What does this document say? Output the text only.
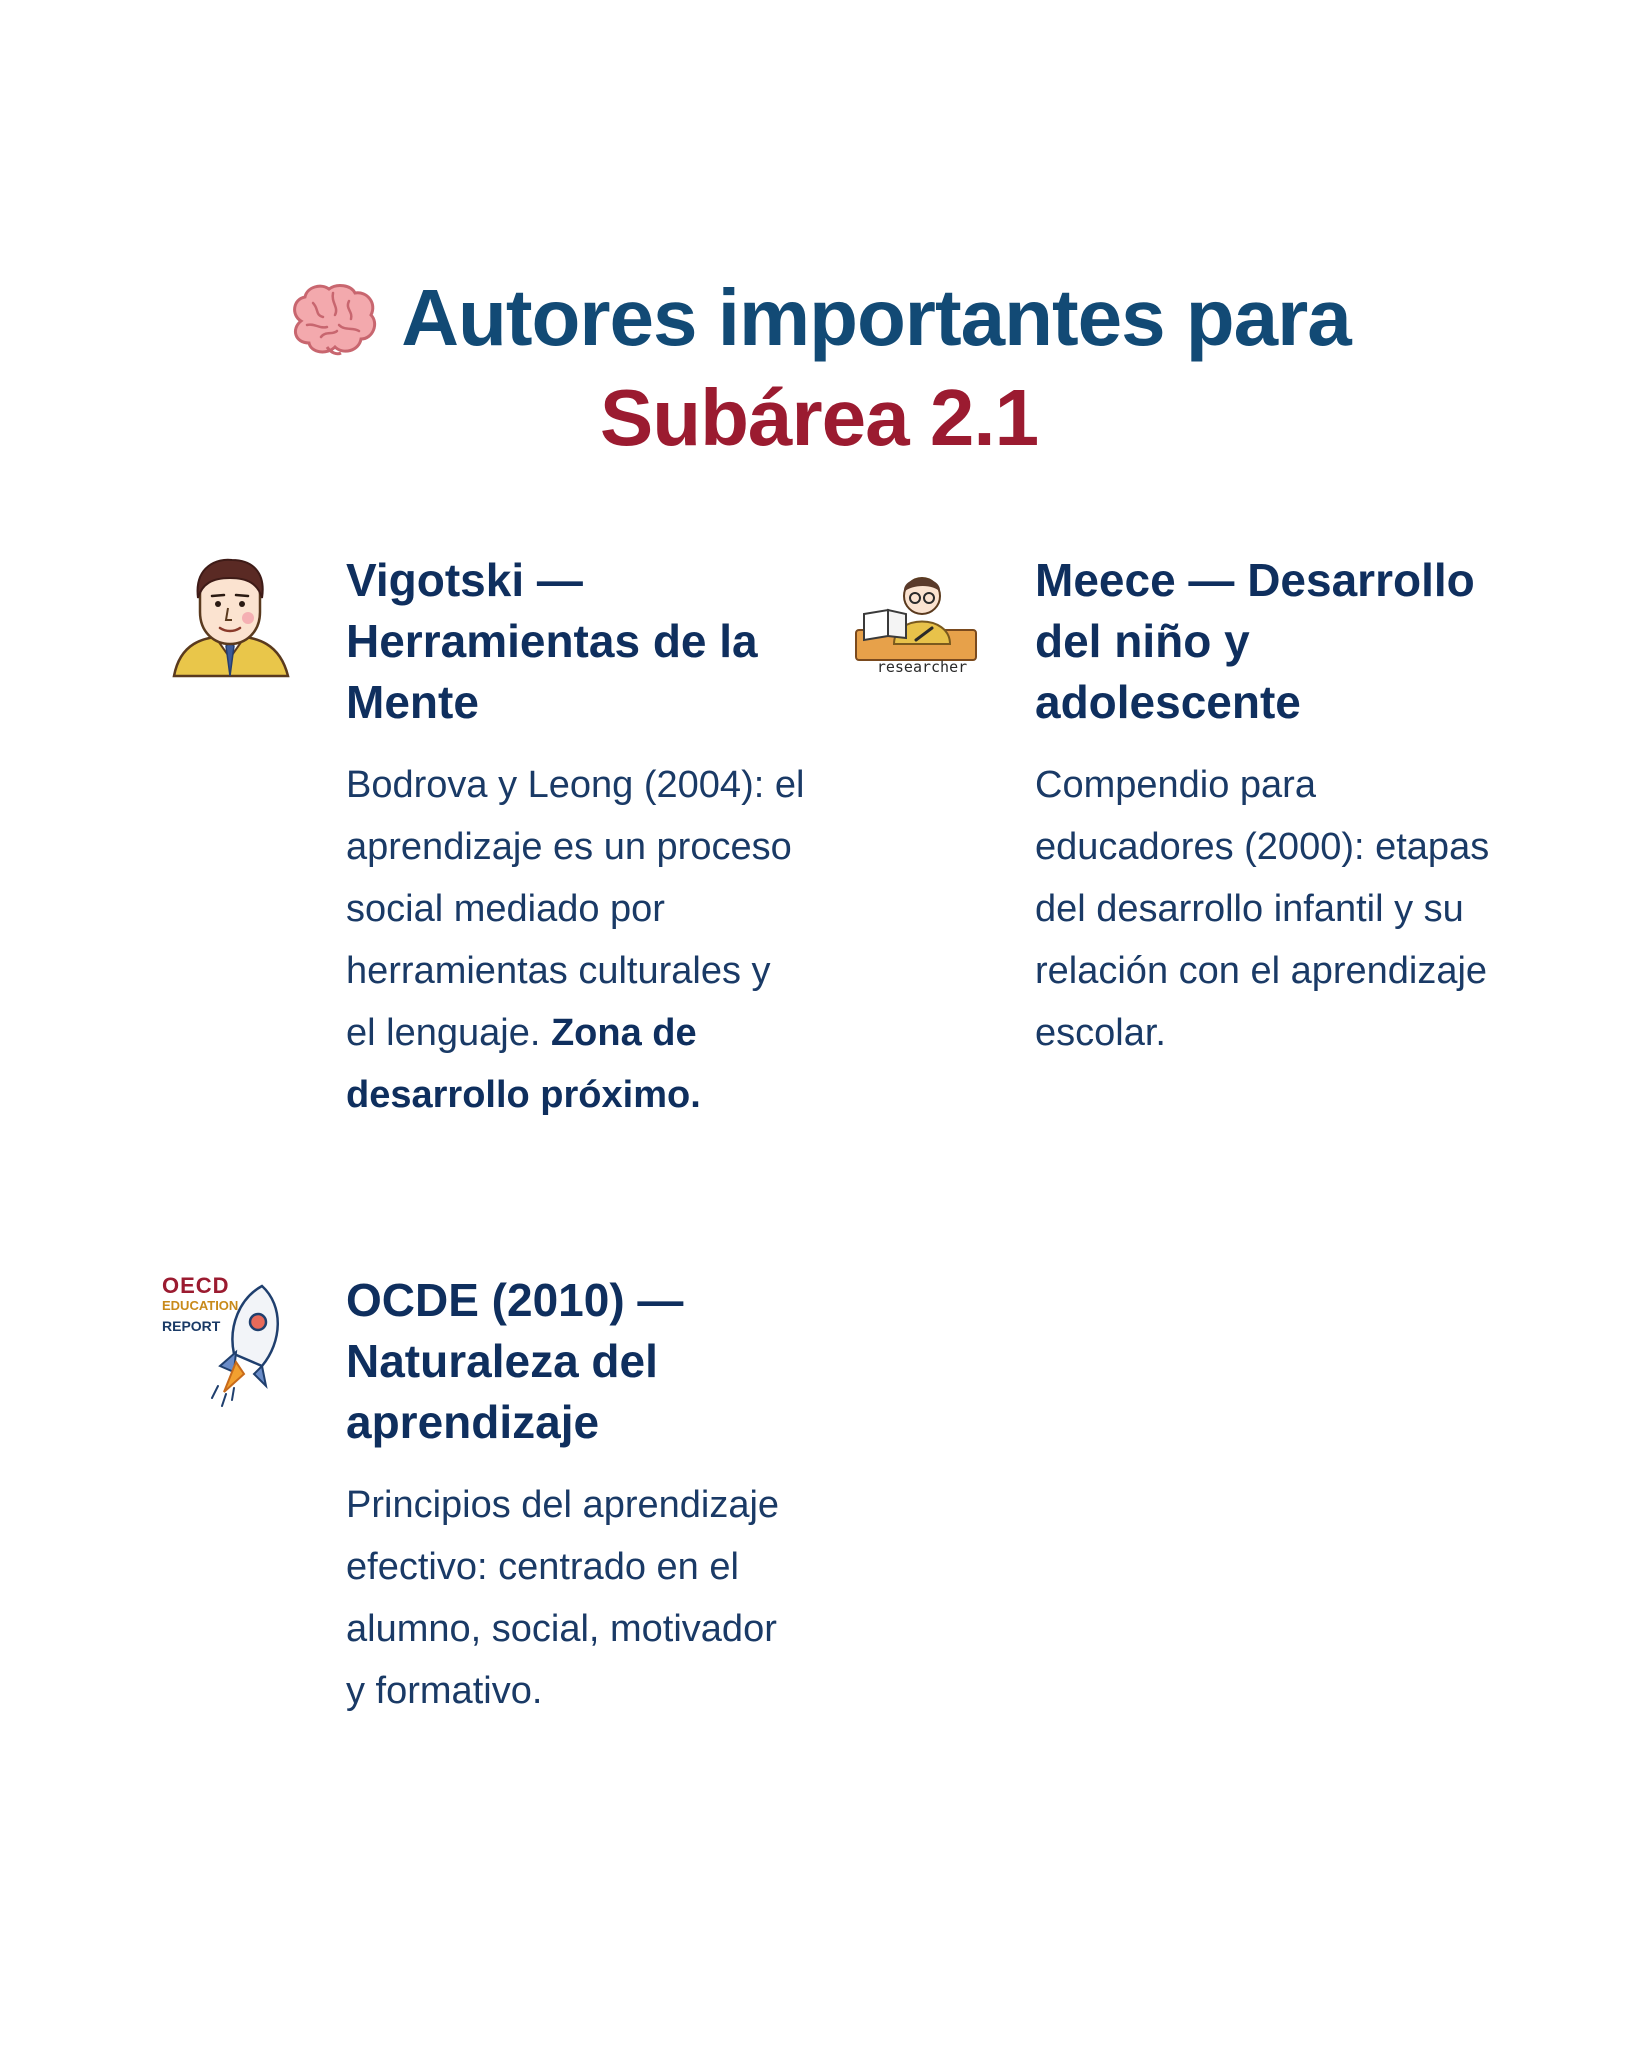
Autores importantes para
Subárea 2.1
Vigotski — Herramientas de la Mente
Bodrova y Leong (2004): el aprendizaje es un proceso social mediado por herramientas culturales y el lenguaje. Zona de desarrollo próximo.
researcher
Meece — Desarrollo del niño y adolescente
Compendio para educadores (2000): etapas del desarrollo infantil y su relación con el aprendizaje escolar.
OECD
EDUCATION
REPORT	OCDE (2010) — Naturaleza del aprendizaje
Principios del aprendizaje efectivo: centrado en el alumno, social, motivador y formativo.
